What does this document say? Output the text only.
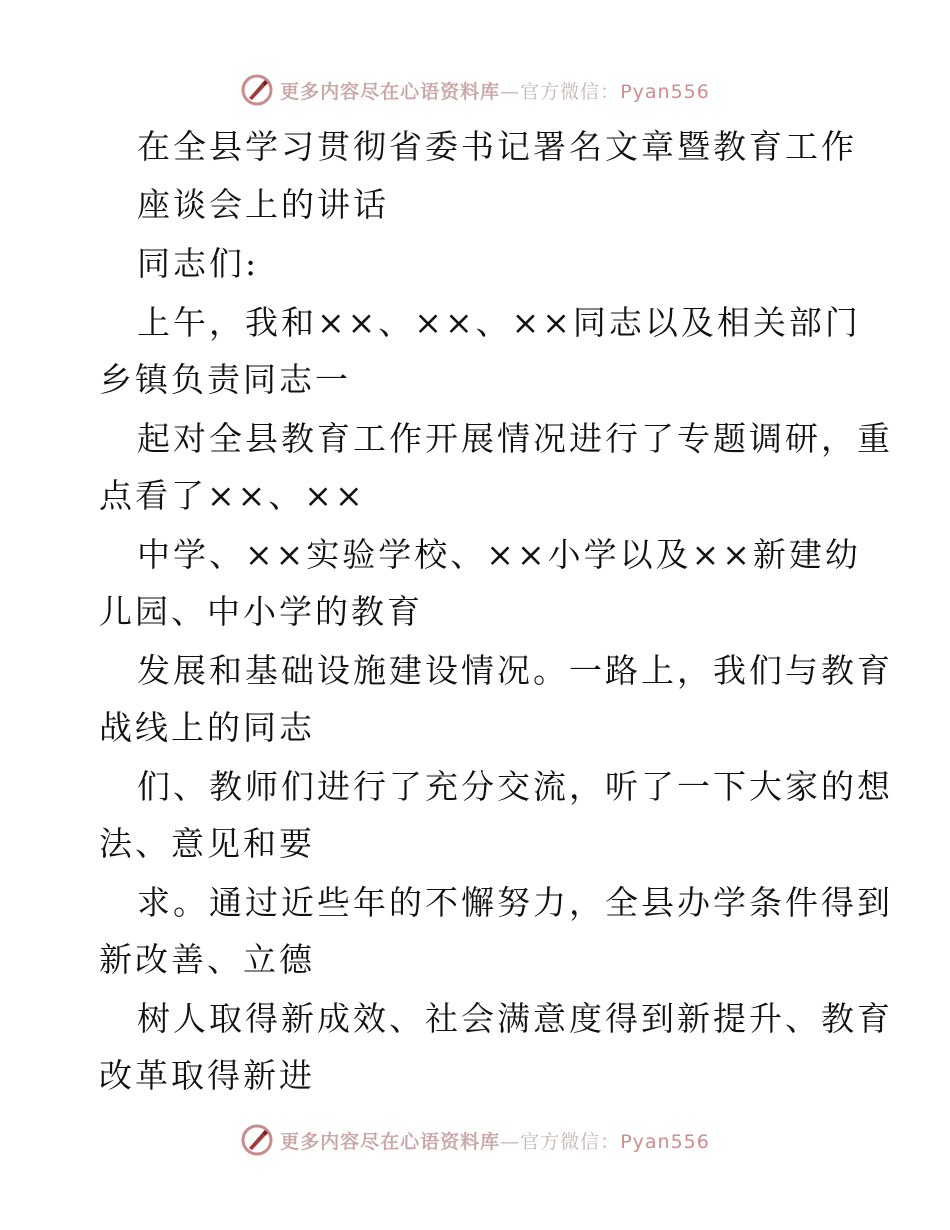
更多内容尽在心语资料库—官方微信：Pyan556
在全县学习贯彻省委书记署名文章暨教育工作
座谈会上的讲话
同志们:
上午，我和××、××、××同志以及相关部门
乡镇负责同志一
起对全县教育工作开展情况进行了专题调研，重
点看了××、××
中学、××实验学校、××小学以及××新建幼
儿园、中小学的教育
发展和基础设施建设情况。一路上，我们与教育
战线上的同志
们、教师们进行了充分交流，听了一下大家的想
法、意见和要
求。通过近些年的不懈努力，全县办学条件得到
新改善、立德
树人取得新成效、社会满意度得到新提升、教育
改革取得新进
更多内容尽在心语资料库—官方微信：Pyan556
